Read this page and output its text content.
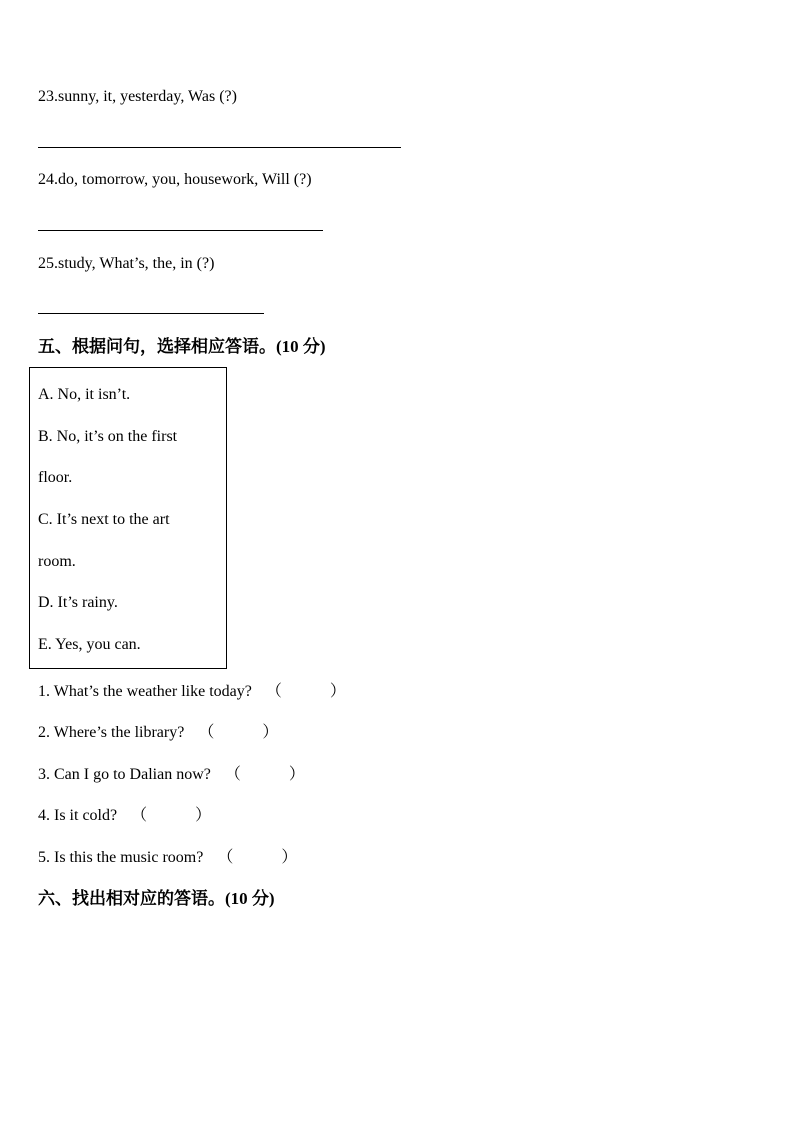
23.sunny, it, yesterday, Was (?)
24.do, tomorrow, you, housework, Will (?)
25.study, What’s, the, in (?)
五、根据问句，选择相应答语。(10 分)
A. No, it isn’t.
B. No, it’s on the first
floor.
C. It’s next to the art
room.
D. It’s rainy.
E. Yes, you can.
1. What’s the weather like today? （	）
2. Where’s the library? （	）
3. Can I go to Dalian now? （	）
4. Is it cold? （	）
5. Is this the music room? （	）
六、找出相对应的答语。(10 分)
